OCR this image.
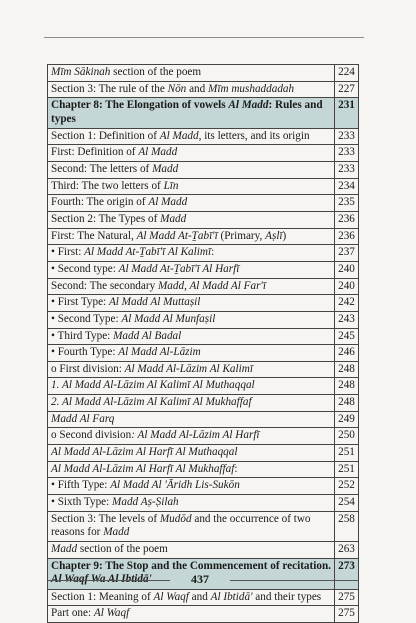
Mīm Sākinah section of the poem	224
Section 3: The rule of the Nōn and Mīm mushaddadah	227
Chapter 8: The Elongation of vowels Al Madd: Rules and types	231
Section 1: Definition of Al Madd, its letters, and its origin	233
First: Definition of Al Madd	233
Second: The letters of Madd	233
Third: The two letters of Līn	234
Fourth: The origin of Al Madd	235
Section 2: The Types of Madd	236
First: The Natural, Al Madd At-Ṯabī'ī (Primary, Aṣlī)	236
• First: Al Madd At-Ṯabī'ī Al Kalimī:	237
• Second type: Al Madd At-Ṯabī'ī Al Harfī	240
Second: The secondary Madd, Al Madd Al Far'ī	240
• First Type: Al Madd Al Muttaṣil	242
• Second Type: Al Madd Al Munfaṣil	243
• Third Type: Madd Al Badal	245
• Fourth Type: Al Madd Al-Lāzim	246
o First division: Al Madd Al-Lāzim Al Kalimī	248
1. Al Madd Al-Lāzim Al Kalimī Al Muthaqqal	248
2. Al Madd Al-Lāzim Al Kalimī Al Mukhaffaf	248
Madd Al Farq	249
o Second division: Al Madd Al-Lāzim Al Harfī	250
Al Madd Al-Lāzim Al Harfī Al Muthaqqal	251
Al Madd Al-Lāzim Al Harfī Al Mukhaffaf:	251
• Fifth Type: Al Madd Al 'Āridh Lis-Sukōn	252
• Sixth Type: Madd Aṣ-Ṣilah	254
Section 3: The levels of Mudōd and the occurrence of two reasons for Madd	258
Madd section of the poem	263
Chapter 9: The Stop and the Commencement of recitation.	273
Section 1: Meaning of Al Waqf and Al Ibtidā' and their types	275
Part one: Al Waqf	275
437
